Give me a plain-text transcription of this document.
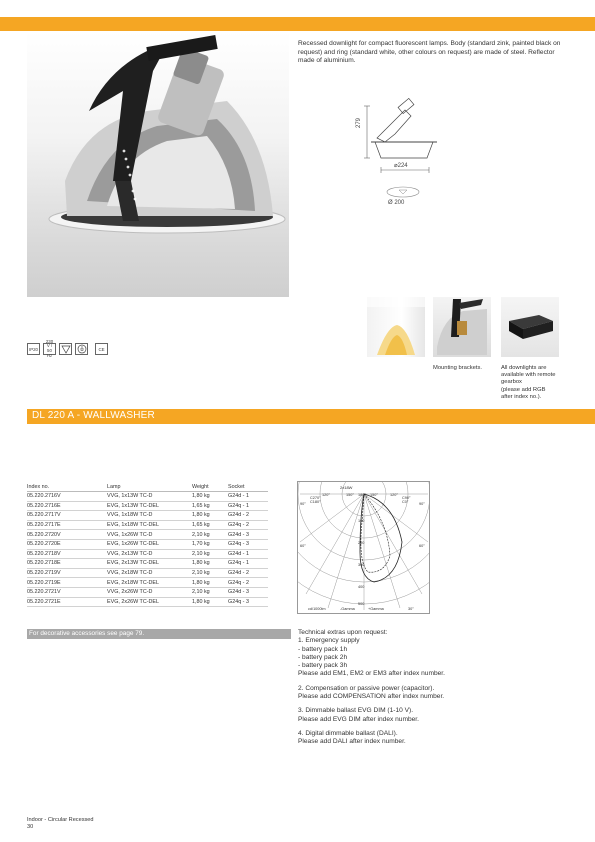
Recessed downlight for compact fluorescent lamps. Body (standard zink, painted black on request) and ring (standard white, other colours on request) are made of steel. Reflector made of aluminium.
279
⌀224
Ø 200
IP20
230 V / 50 Hz
CE
Mounting brackets.	All downlights are
available with remote
gearbox
(please add RGB
after index no.).
DL 220 A - WALLWASHER
Index no.	Lamp	Weight	Socket
05.220.2716V	VVG, 1x13W TC-D	1,80 kg	G24d - 1
05.220.2716E	EVG, 1x13W TC-DEL	1,65 kg	G24q - 1
05.220.2717V	VVG, 1x18W TC-D	1,80 kg	G24d - 2
05.220.2717E	EVG, 1x18W TC-DEL	1,65 kg	G24q - 2
05.220.2720V	VVG, 1x26W TC-D	2,10 kg	G24d - 3
05.220.2720E	EVG, 1x26W TC-DEL	1,70 kg	G24q - 3
05.220.2718V	VVG, 2x13W TC-D	2,10 kg	G24d - 1
05.220.2718E	EVG, 2x13W TC-DEL	1,80 kg	G24q - 1
05.220.2719V	VVG, 2x18W TC-D	2,10 kg	G24d - 2
05.220.2719E	EVG, 2x18W TC-DEL	1,80 kg	G24q - 2
05.220.2721V	VVG, 2x26W TC-D	2,10 kg	G24d - 3
05.220.2721E	EVG, 2x26W TC-DEL	1,80 kg	G24q - 3
2x18W
C270°
C180°
C90°
C0°
120°	150° 180° 150°	120°
90°	90°
60°	60°
100
200
300
400
500
cd/1000lm	-Gamma	+Gamma	30°
For decorative accessories see page 79.	Technical extras upon request:

1. Emergency supply

- battery pack 1h

- battery pack 2h

- battery pack 3h

Please add EM1, EM2 or EM3 after index number.

2. Compensation or passive power (capacitor).

Please add COMPENSATION after index number.

3. Dimmable ballast EVG DIM (1-10 V).

Please add EVG DIM after index number.

4. Digital dimmable ballast (DALI).

Please add DALI after index number.

Indoor - Circular Recessed
30
